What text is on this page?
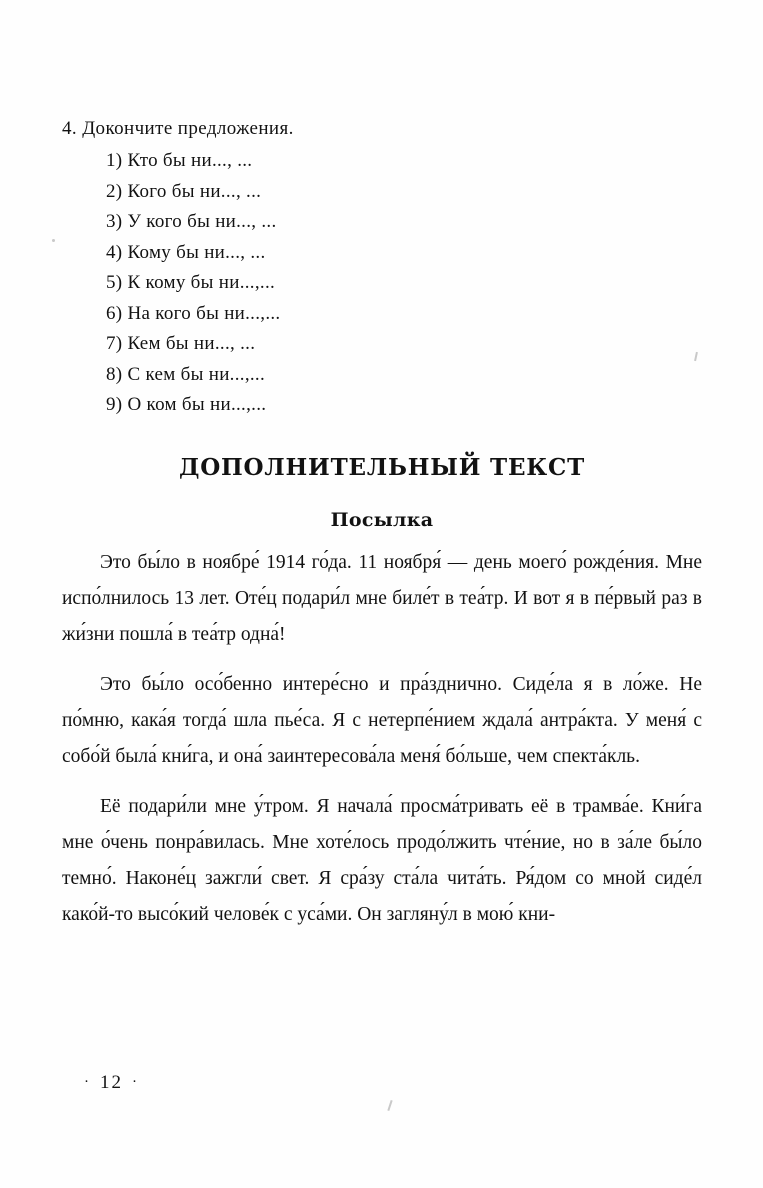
4. Докончите предложения.

1) Кто бы ни..., ...
2) Кого бы ни..., ...
3) У кого бы ни..., ...
4) Кому бы ни..., ...
5) К кому бы ни...,...
6) На кого бы ни...,...
7) Кем бы ни..., ...
8) С кем бы ни...,...
9) О ком бы ни...,...
ДОПОЛНИТЕЛЬНЫЙ ТЕКСТ
Посылка

Это бы́ло в ноябре́ 1914 го́да. 11 ноября́ — день моего́ рожде́ния. Мне испо́лнилось 13 лет. Оте́ц подари́л мне биле́т в теа́тр. И вот я в пе́рвый раз в жи́зни пошла́ в теа́тр одна́!

Это бы́ло осо́бенно интере́сно и пра́зднично. Сиде́ла я в ло́же. Не по́мню, кака́я тогда́ шла пье́са. Я с нетерпе́нием ждала́ антра́кта. У меня́ с собо́й была́ кни́га, и она́ заинтересова́ла меня́ бо́льше, чем спекта́кль.

Её подари́ли мне у́тром. Я начала́ просма́тривать её в трамва́е. Кни́га мне о́чень понра́вилась. Мне хоте́лось продо́лжить чте́ние, но в за́ле бы́ло темно́. Наконе́ц зажгли́ свет. Я сра́зу ста́ла чита́ть. Ря́дом со мной сиде́л како́й-то высо́кий челове́к с уса́ми. Он загляну́л в мою́ кни-

· 12 ·
